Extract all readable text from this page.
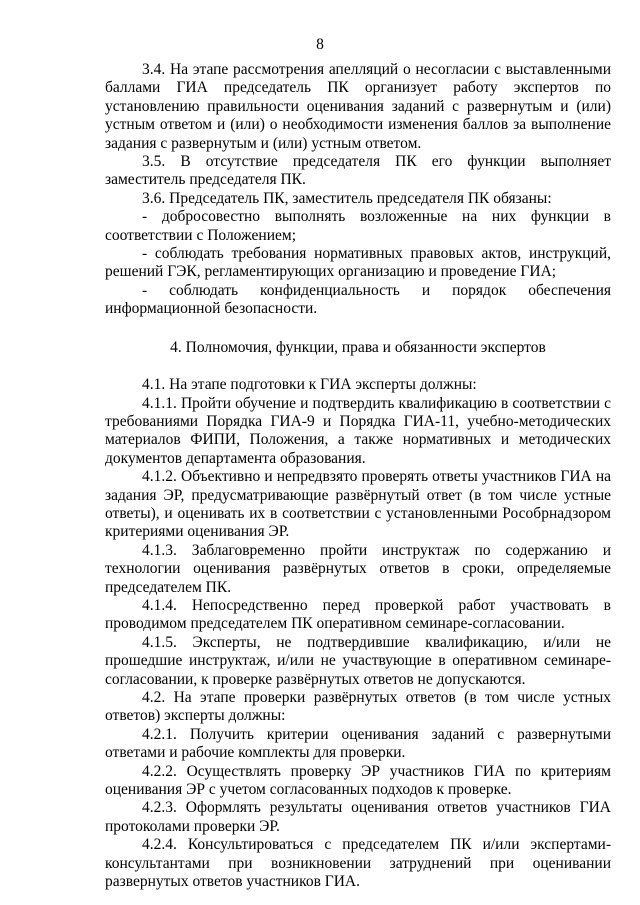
8

3.4. На этапе рассмотрения апелляций о несогласии с выставленными баллами ГИА председатель ПК организует работу экспертов по установлению правильности оценивания заданий с развернутым и (или) устным ответом и (или) о необходимости изменения баллов за выполнение задания с развернутым и (или) устным ответом.

3.5. В отсутствие председателя ПК его функции выполняет заместитель председателя ПК.

3.6. Председатель ПК, заместитель председателя ПК обязаны:

- добросовестно выполнять возложенные на них функции в соответствии с Положением;

- соблюдать требования нормативных правовых актов, инструкций, решений ГЭК, регламентирующих организацию и проведение ГИА;

- соблюдать конфиденциальность и порядок обеспечения информационной безопасности.

4. Полномочия, функции, права и обязанности экспертов

4.1. На этапе подготовки к ГИА эксперты должны:

4.1.1. Пройти обучение и подтвердить квалификацию в соответствии с требованиями Порядка ГИА-9 и Порядка ГИА-11, учебно-методических материалов ФИПИ, Положения, а также нормативных и методических документов департамента образования.

4.1.2. Объективно и непредвзято проверять ответы участников ГИА на задания ЭР, предусматривающие развёрнутый ответ (в том числе устные ответы), и оценивать их в соответствии с установленными Рособрнадзором критериями оценивания ЭР.

4.1.3. Заблаговременно пройти инструктаж по содержанию и технологии оценивания развёрнутых ответов в сроки, определяемые председателем ПК.

4.1.4. Непосредственно перед проверкой работ участвовать в проводимом председателем ПК оперативном семинаре-согласовании.

4.1.5. Эксперты, не подтвердившие квалификацию, и/или не прошедшие инструктаж, и/или не участвующие в оперативном семинаре-согласовании, к проверке развёрнутых ответов не допускаются.

4.2. На этапе проверки развёрнутых ответов (в том числе устных ответов) эксперты должны:

4.2.1. Получить критерии оценивания заданий с развернутыми ответами и рабочие комплекты для проверки.

4.2.2. Осуществлять проверку ЭР участников ГИА по критериям оценивания ЭР с учетом согласованных подходов к проверке.

4.2.3. Оформлять результаты оценивания ответов участников ГИА протоколами проверки ЭР.

4.2.4. Консультироваться с председателем ПК и/или экспертами-консультантами при возникновении затруднений при оценивании развернутых ответов участников ГИА.
